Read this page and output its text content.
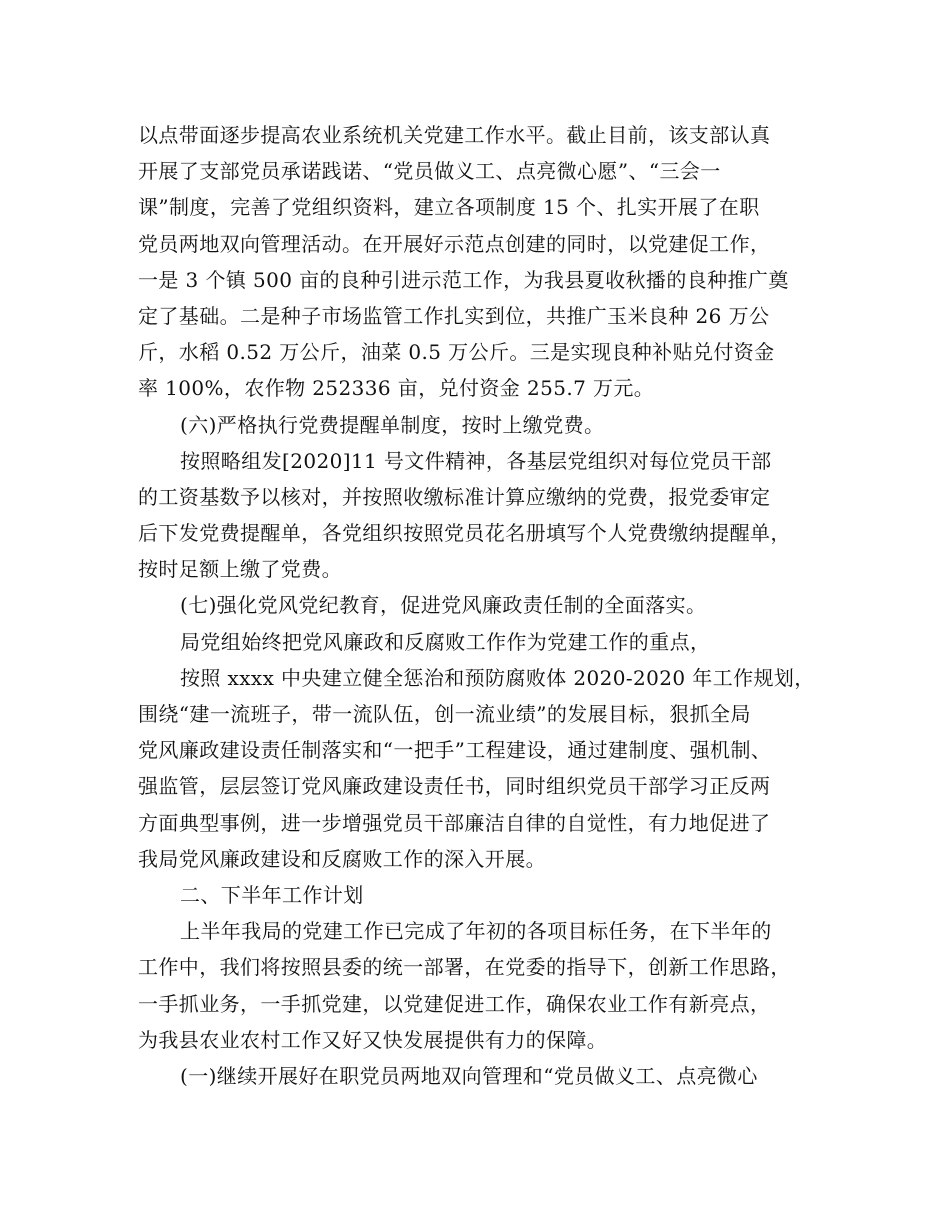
以点带面逐步提高农业系统机关党建工作水平。截止目前，该支部认真
开展了支部党员承诺践诺、“党员做义工、点亮微心愿”、“三会一
课”制度，完善了党组织资料，建立各项制度 15 个、扎实开展了在职
党员两地双向管理活动。在开展好示范点创建的同时，以党建促工作，
一是 3 个镇 500 亩的良种引进示范工作，为我县夏收秋播的良种推广奠
定了基础。二是种子市场监管工作扎实到位，共推广玉米良种 26 万公
斤，水稻 0.52 万公斤，油菜 0.5 万公斤。三是实现良种补贴兑付资金
率 100%，农作物 252336 亩，兑付资金 255.7 万元。
(六)严格执行党费提醒单制度，按时上缴党费。
按照略组发[2020]11 号文件精神，各基层党组织对每位党员干部
的工资基数予以核对，并按照收缴标准计算应缴纳的党费，报党委审定
后下发党费提醒单，各党组织按照党员花名册填写个人党费缴纳提醒单，
按时足额上缴了党费。
(七)强化党风党纪教育，促进党风廉政责任制的全面落实。
局党组始终把党风廉政和反腐败工作作为党建工作的重点，
按照 xxxx 中央建立健全惩治和预防腐败体 2020-2020 年工作规划，
围绕“建一流班子，带一流队伍，创一流业绩”的发展目标，狠抓全局
党风廉政建设责任制落实和“一把手”工程建设，通过建制度、强机制、
强监管，层层签订党风廉政建设责任书，同时组织党员干部学习正反两
方面典型事例，进一步增强党员干部廉洁自律的自觉性，有力地促进了
我局党风廉政建设和反腐败工作的深入开展。
二、下半年工作计划
上半年我局的党建工作已完成了年初的各项目标任务，在下半年的
工作中，我们将按照县委的统一部署，在党委的指导下，创新工作思路，
一手抓业务，一手抓党建，以党建促进工作，确保农业工作有新亮点，
为我县农业农村工作又好又快发展提供有力的保障。
(一)继续开展好在职党员两地双向管理和“党员做义工、点亮微心
